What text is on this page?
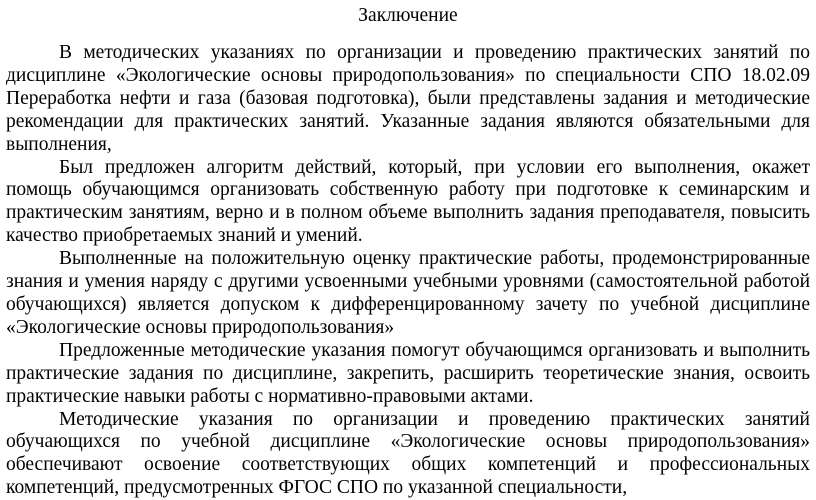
Заключение

В методических указаниях по организации и проведению практических занятий по дисциплине «Экологические основы природопользования» по специальности СПО 18.02.09 Переработка нефти и газа (базовая подготовка), были представлены задания и методические рекомендации для практических занятий. Указанные задания являются обязательными для выполнения,

Был предложен алгоритм действий, который, при условии его выполнения, окажет помощь обучающимся организовать собственную работу при подготовке к семинарским и практическим занятиям, верно и в полном объеме выполнить задания преподавателя, повысить качество приобретаемых знаний и умений.

Выполненные на положительную оценку практические работы, продемонстрированные знания и умения наряду с другими усвоенными учебными уровнями (самостоятельной работой обучающихся) является допуском к дифференцированному зачету по учебной дисциплине «Экологические основы природопользования»

Предложенные методические указания помогут обучающимся организовать и выполнить практические задания по дисциплине, закрепить, расширить теоретические знания, освоить практические навыки работы с нормативно-правовыми актами.

Методические указания по организации и проведению практических занятий обучающихся по учебной дисциплине «Экологические основы природопользования» обеспечивают освоение соответствующих общих компетенций и профессиональных компетенций, предусмотренных ФГОС СПО по указанной специальности,
